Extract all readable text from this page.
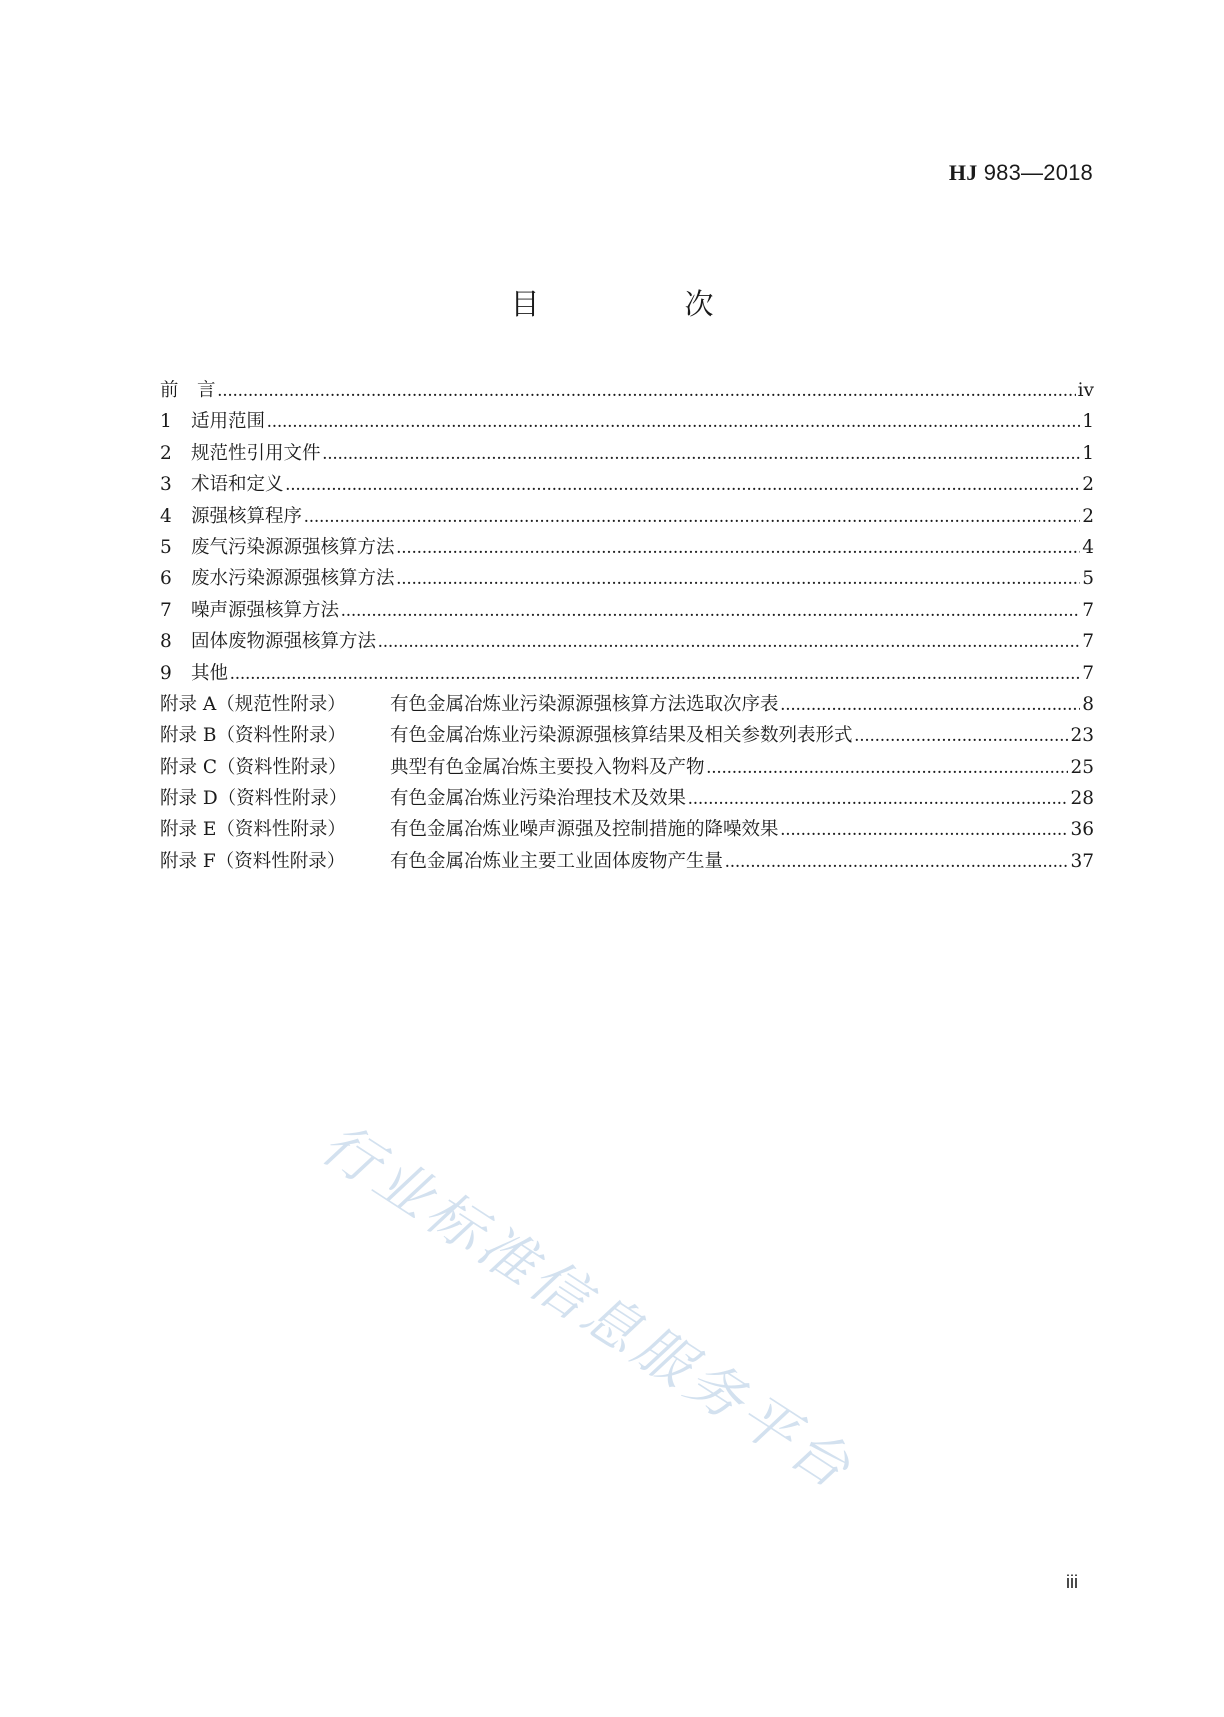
HJ 983—2018
目　次
前　言 .....	iv
1 适用范围 .....	1
2 规范性引用文件 .....	1
3 术语和定义 .....	2
4 源强核算程序 .....	2
5 废气污染源源强核算方法 .....	4
6 废水污染源源强核算方法 .....	5
7 噪声源强核算方法 .....	7
8 固体废物源强核算方法 .....	7
9 其他 .....	7
附录 A（规范性附录） 有色金属冶炼业污染源源强核算方法选取次序表 .....	8
附录 B（资料性附录） 有色金属冶炼业污染源源强核算结果及相关参数列表形式 .....	23
附录 C（资料性附录） 典型有色金属冶炼主要投入物料及产物 .....	25
附录 D（资料性附录） 有色金属冶炼业污染治理技术及效果 .....	28
附录 E（资料性附录） 有色金属冶炼业噪声源强及控制措施的降噪效果 .....	36
附录 F（资料性附录） 有色金属冶炼业主要工业固体废物产生量 .....	37
行业标准信息服务平台
iii
